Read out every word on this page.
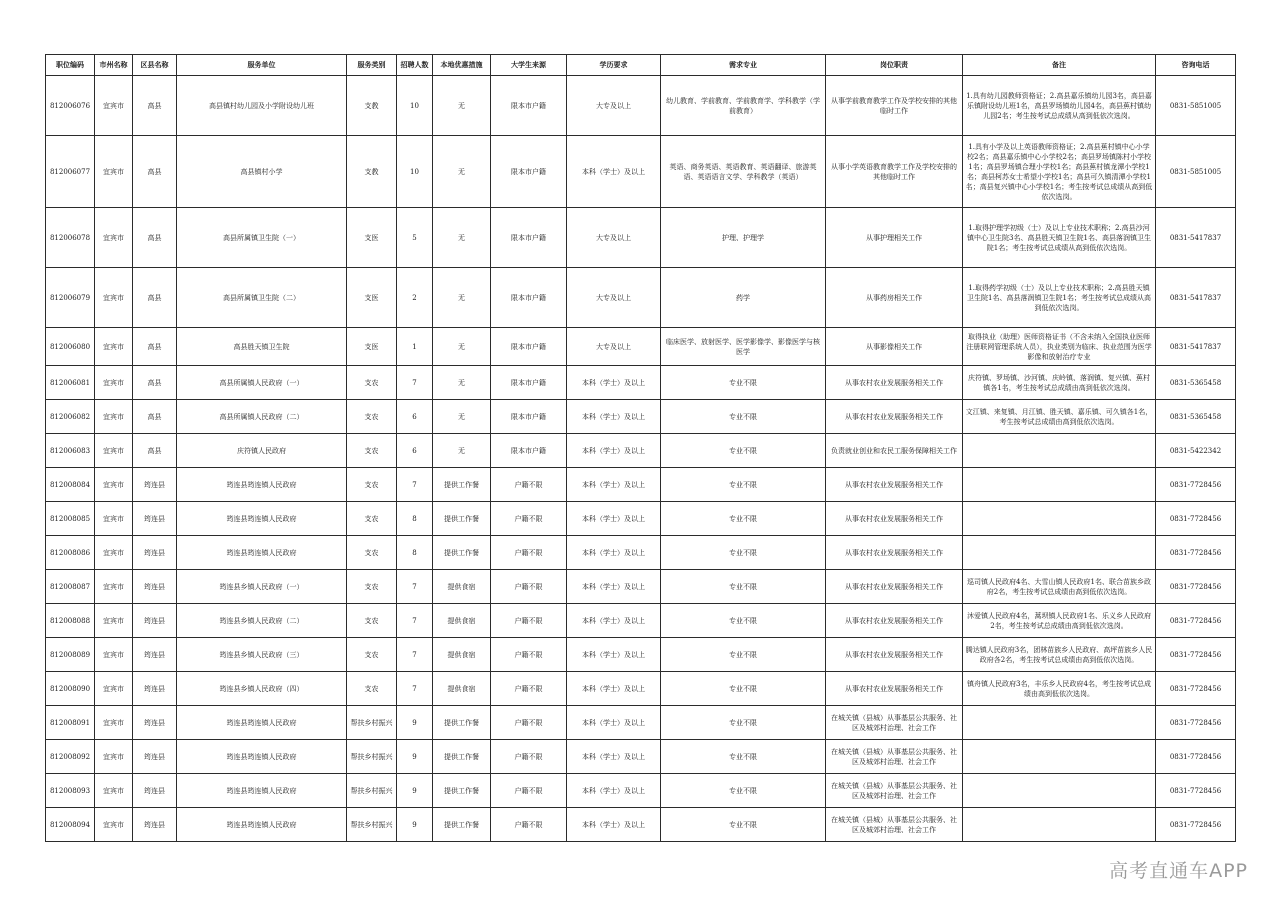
职位编码	市州名称	区县名称	服务单位	服务类别	招聘人数	本地优惠措施	大学生来源	学历要求	需求专业	岗位职责	备注	咨询电话
812006076	宜宾市	高县	高县镇村幼儿园及小学附设幼儿班	支教	10	无	限本市户籍	大专及以上	幼儿教育、学前教育、学前教育学、学科教学（学前教育）	从事学前教育教学工作及学校安排的其他临时工作	1.具有幼儿园教师资格证；2.高县嘉乐镇幼儿园3名，高县嘉乐镇附设幼儿班1名，高县罗场镇幼儿园4名，高县蕉村镇幼儿园2名；考生按考试总成绩从高到低依次选岗。	0831-5851005
812006077	宜宾市	高县	高县镇村小学	支教	10	无	限本市户籍	本科（学士）及以上	英语、商务英语、英语教育、英语翻译、旅游英语、英语语言文学、学科教学（英语）	从事小学英语教育教学工作及学校安排的其他临时工作	1.具有小学及以上英语教师资格证；2.高县蕉村镇中心小学校2名；高县嘉乐镇中心小学校2名；高县罗场镇陈村小学校1名；高县罗场镇合理小学校1名；高县蕉村镇龙潭小学校1名；高县柯苏女士希望小学校1名；高县可久镇清潭小学校1名；高县复兴镇中心小学校1名；考生按考试总成绩从高到低依次选岗。	0831-5851005
812006078	宜宾市	高县	高县所属镇卫生院（一）	支医	5	无	限本市户籍	大专及以上	护理、护理学	从事护理相关工作	1.取得护理学初级（士）及以上专业技术职称；2.高县沙河镇中心卫生院3名、高县胜天镇卫生院1名、高县落润镇卫生院1名；考生按考试总成绩从高到低依次选岗。	0831-5417837
812006079	宜宾市	高县	高县所属镇卫生院（二）	支医	2	无	限本市户籍	大专及以上	药学	从事药房相关工作	1.取得药学初级（士）及以上专业技术职称；2.高县胜天镇卫生院1名、高县落润镇卫生院1名；考生按考试总成绩从高到低依次选岗。	0831-5417837
812006080	宜宾市	高县	高县胜天镇卫生院	支医	1	无	限本市户籍	大专及以上	临床医学、放射医学、医学影像学、影像医学与核医学	从事影像相关工作	取得执业（助理）医师资格证书（不含未纳入全国执业医师注册联网管理系统人员），执业类别为临床、执业范围为医学影像和放射治疗专业	0831-5417837
812006081	宜宾市	高县	高县所属镇人民政府（一）	支农	7	无	限本市户籍	本科（学士）及以上	专业不限	从事农村农业发展服务相关工作	庆符镇、罗场镇、沙河镇、庆岭镇、落润镇、复兴镇、蕉村镇各1名，考生按考试总成绩由高到低依次选岗。	0831-5365458
812006082	宜宾市	高县	高县所属镇人民政府（二）	支农	6	无	限本市户籍	本科（学士）及以上	专业不限	从事农村农业发展服务相关工作	文江镇、来复镇、月江镇、胜天镇、嘉乐镇、可久镇各1名，考生按考试总成绩由高到低依次选岗。	0831-5365458
812006083	宜宾市	高县	庆符镇人民政府	支农	6	无	限本市户籍	本科（学士）及以上	专业不限	负责就业创业和农民工服务保障相关工作		0831-5422342
812008084	宜宾市	筠连县	筠连县筠连镇人民政府	支农	7	提供工作餐	户籍不限	本科（学士）及以上	专业不限	从事农村农业发展服务相关工作		0831-7728456
812008085	宜宾市	筠连县	筠连县筠连镇人民政府	支农	8	提供工作餐	户籍不限	本科（学士）及以上	专业不限	从事农村农业发展服务相关工作		0831-7728456
812008086	宜宾市	筠连县	筠连县筠连镇人民政府	支农	8	提供工作餐	户籍不限	本科（学士）及以上	专业不限	从事农村农业发展服务相关工作		0831-7728456
812008087	宜宾市	筠连县	筠连县乡镇人民政府（一）	支农	7	提供食宿	户籍不限	本科（学士）及以上	专业不限	从事农村农业发展服务相关工作	巡司镇人民政府4名、大雪山镇人民政府1名、联合苗族乡政府2名，考生按考试总成绩由高到低依次选岗。	0831-7728456
812008088	宜宾市	筠连县	筠连县乡镇人民政府（二）	支农	7	提供食宿	户籍不限	本科（学士）及以上	专业不限	从事农村农业发展服务相关工作	沐爱镇人民政府4名，蒿坝镇人民政府1名、乐义乡人民政府2名，考生按考试总成绩由高到低依次选岗。	0831-7728456
812008089	宜宾市	筠连县	筠连县乡镇人民政府（三）	支农	7	提供食宿	户籍不限	本科（学士）及以上	专业不限	从事农村农业发展服务相关工作	腾达镇人民政府3名，团林苗族乡人民政府、高坪苗族乡人民政府各2名，考生按考试总成绩由高到低依次选岗。	0831-7728456
812008090	宜宾市	筠连县	筠连县乡镇人民政府（四）	支农	7	提供食宿	户籍不限	本科（学士）及以上	专业不限	从事农村农业发展服务相关工作	镇舟镇人民政府3名，丰乐乡人民政府4名，考生按考试总成绩由高到低依次选岗。	0831-7728456
812008091	宜宾市	筠连县	筠连县筠连镇人民政府	帮扶乡村振兴	9	提供工作餐	户籍不限	本科（学士）及以上	专业不限	在城关镇（县城）从事基层公共服务、社区及城郊村治理、社会工作		0831-7728456
812008092	宜宾市	筠连县	筠连县筠连镇人民政府	帮扶乡村振兴	9	提供工作餐	户籍不限	本科（学士）及以上	专业不限	在城关镇（县城）从事基层公共服务、社区及城郊村治理、社会工作		0831-7728456
812008093	宜宾市	筠连县	筠连县筠连镇人民政府	帮扶乡村振兴	9	提供工作餐	户籍不限	本科（学士）及以上	专业不限	在城关镇（县城）从事基层公共服务、社区及城郊村治理、社会工作		0831-7728456
812008094	宜宾市	筠连县	筠连县筠连镇人民政府	帮扶乡村振兴	9	提供工作餐	户籍不限	本科（学士）及以上	专业不限	在城关镇（县城）从事基层公共服务、社区及城郊村治理、社会工作		0831-7728456
高考直通车APP
